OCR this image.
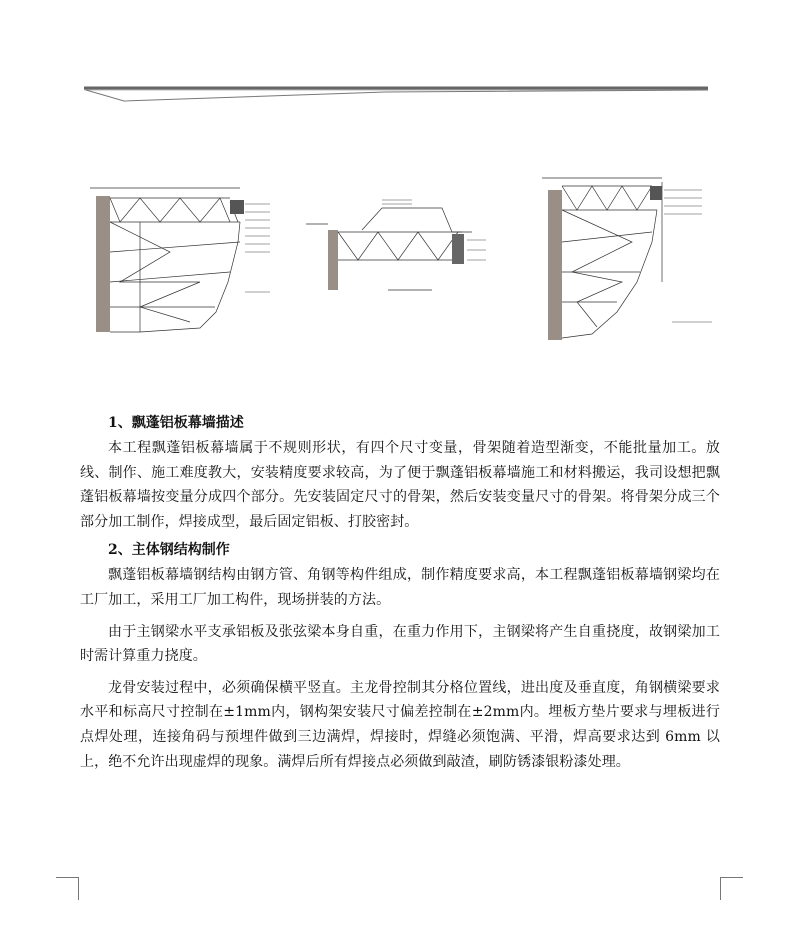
1、飘蓬铝板幕墙描述

本工程飘蓬铝板幕墙属于不规则形状，有四个尺寸变量，骨架随着造型渐变，不能批量加工。放线、制作、施工难度教大，安装精度要求较高，为了便于飘蓬铝板幕墙施工和材料搬运，我司设想把飘蓬铝板幕墙按变量分成四个部分。先安装固定尺寸的骨架，然后安装变量尺寸的骨架。将骨架分成三个部分加工制作，焊接成型，最后固定铝板、打胶密封。

2、主体钢结构制作

飘蓬铝板幕墙钢结构由钢方管、角钢等构件组成，制作精度要求高，本工程飘蓬铝板幕墙钢梁均在工厂加工，采用工厂加工构件，现场拼装的方法。

由于主钢梁水平支承铝板及张弦梁本身自重，在重力作用下，主钢梁将产生自重挠度，故钢梁加工时需计算重力挠度。

龙骨安装过程中，必须确保横平竖直。主龙骨控制其分格位置线，进出度及垂直度，角钢横梁要求水平和标高尺寸控制在±1mm内，钢构架安装尺寸偏差控制在±2mm内。埋板方垫片要求与埋板进行点焊处理，连接角码与预埋件做到三边满焊，焊接时，焊缝必须饱满、平滑，焊高要求达到 6mm 以上，绝不允许出现虚焊的现象。满焊后所有焊接点必须做到敲渣，刷防锈漆银粉漆处理。
